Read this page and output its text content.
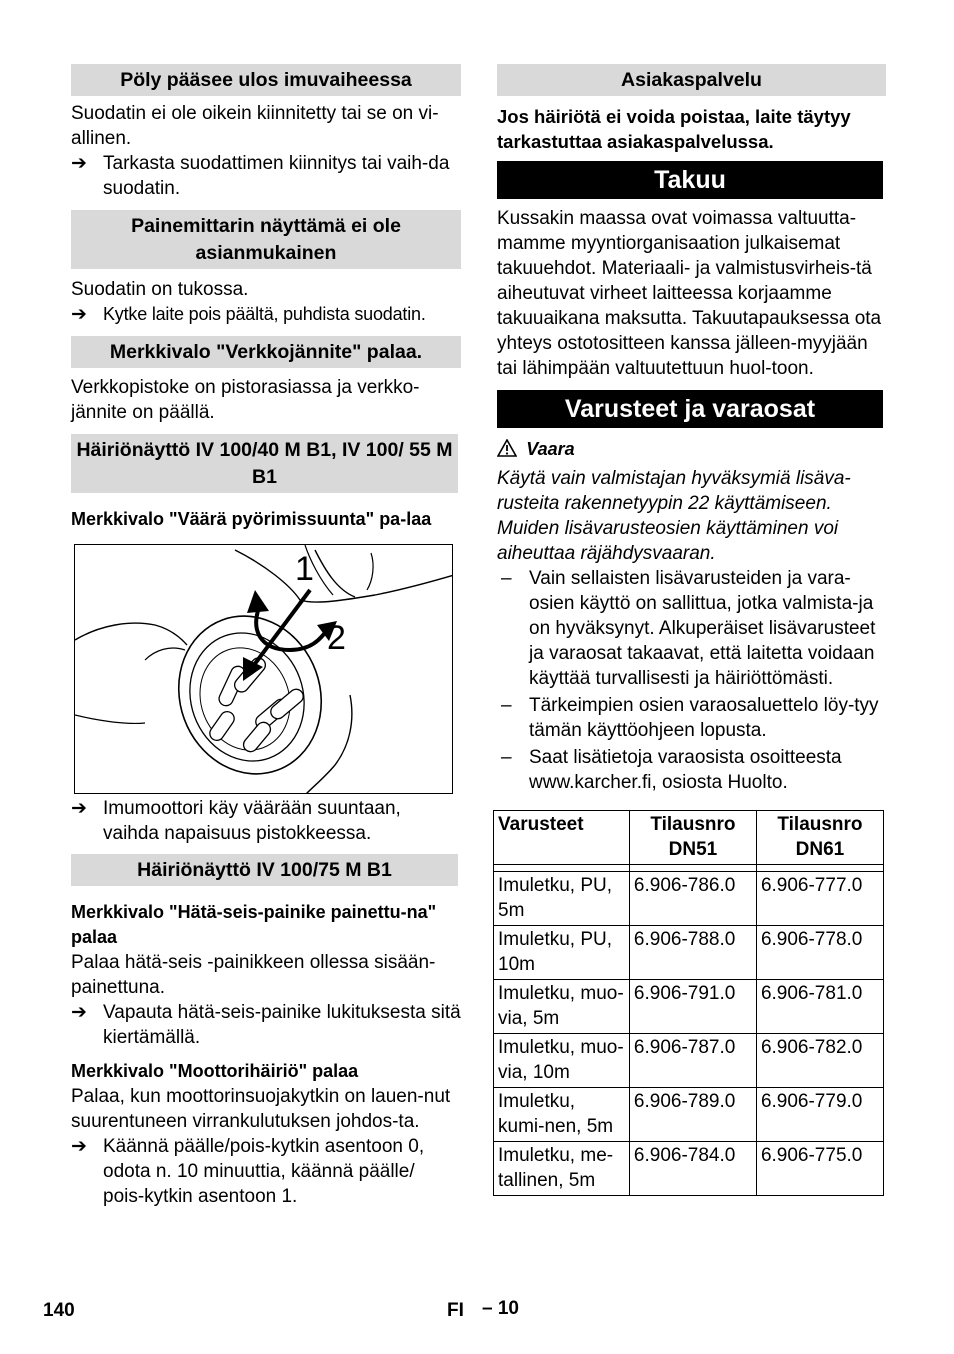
Pöly pääsee ulos imuvaiheessa

Suodatin ei ole oikein kiinnitetty tai se on vi-allinen.

➔ Tarkasta suodattimen kiinnitys tai vaih-da suodatin.
Painemittarin näyttämä ei ole asianmukainen

Suodatin on tukossa.

➔ Kytke laite pois päältä, puhdista suodatin.
Merkkivalo "Verkkojännite" palaa.

Verkkopistoke on pistorasiassa ja verkko-jännite on päällä.

Häiriönäyttö IV 100/40 M B1, IV 100/ 55 M B1

Merkkivalo "Väärä pyörimissuunta" pa-laa

1
2
➔ Imumoottori käy väärään suuntaan, vaihda napaisuus pistokkeessa.
Häiriönäyttö IV 100/75 M B1

Merkkivalo "Hätä-seis-painike painettu-na" palaa

Palaa hätä-seis -painikkeen ollessa sisään-painettuna.

➔ Vapauta hätä-seis-painike lukituksesta sitä kiertämällä.

Merkkivalo "Moottorihäiriö" palaa

Palaa, kun moottorinsuojakytkin on lauen-nut suurentuneen virrankulutuksen johdos-ta.

➔ Käännä päälle/pois-kytkin asentoon 0, odota n. 10 minuuttia, käännä päälle/ pois-kytkin asentoon 1.
Asiakaspalvelu

Jos häiriötä ei voida poistaa, laite täytyy tarkastuttaa asiakaspalvelussa.

Takuu

Kussakin maassa ovat voimassa valtuutta-mamme myyntiorganisaation julkaisemat takuuehdot. Materiaali- ja valmistusvirheis-tä aiheutuvat virheet laitteessa korjaamme takuuaikana maksutta. Takuutapauksessa ota yhteys ostotositteen kanssa jälleen-myyjään tai lähimpään valtuutettuun huol-toon.

Varusteet ja varaosat
Vaara

Käytä vain valmistajan hyväksymiä lisäva-rusteita rakennetyypin 22 käyttämiseen. Muiden lisävarusteosien käyttäminen voi aiheuttaa räjähdysvaaran.

– Vain sellaisten lisävarusteiden ja vara-osien käyttö on sallittua, jotka valmista-ja on hyväksynyt. Alkuperäiset lisävarusteet ja varaosat takaavat, että laitetta voidaan käyttää turvallisesti ja häiriöttömästi.
– Tärkeimpien osien varaosaluettelo löy-tyy tämän käyttöohjeen lopusta.
– Saat lisätietoja varaosista osoitteesta www.karcher.fi, osiosta Huolto.
Varusteet	Tilausnro DN51	Tilausnro DN61

Imuletku, PU, 5m	6.906-786.0	6.906-777.0
Imuletku, PU, 10m	6.906-788.0	6.906-778.0
Imuletku, muo-via, 5m	6.906-791.0	6.906-781.0
Imuletku, muo-via, 10m	6.906-787.0	6.906-782.0
Imuletku, kumi-nen, 5m	6.906-789.0	6.906-779.0
Imuletku, me-tallinen, 5m	6.906-784.0	6.906-775.0
140	FI – 10
